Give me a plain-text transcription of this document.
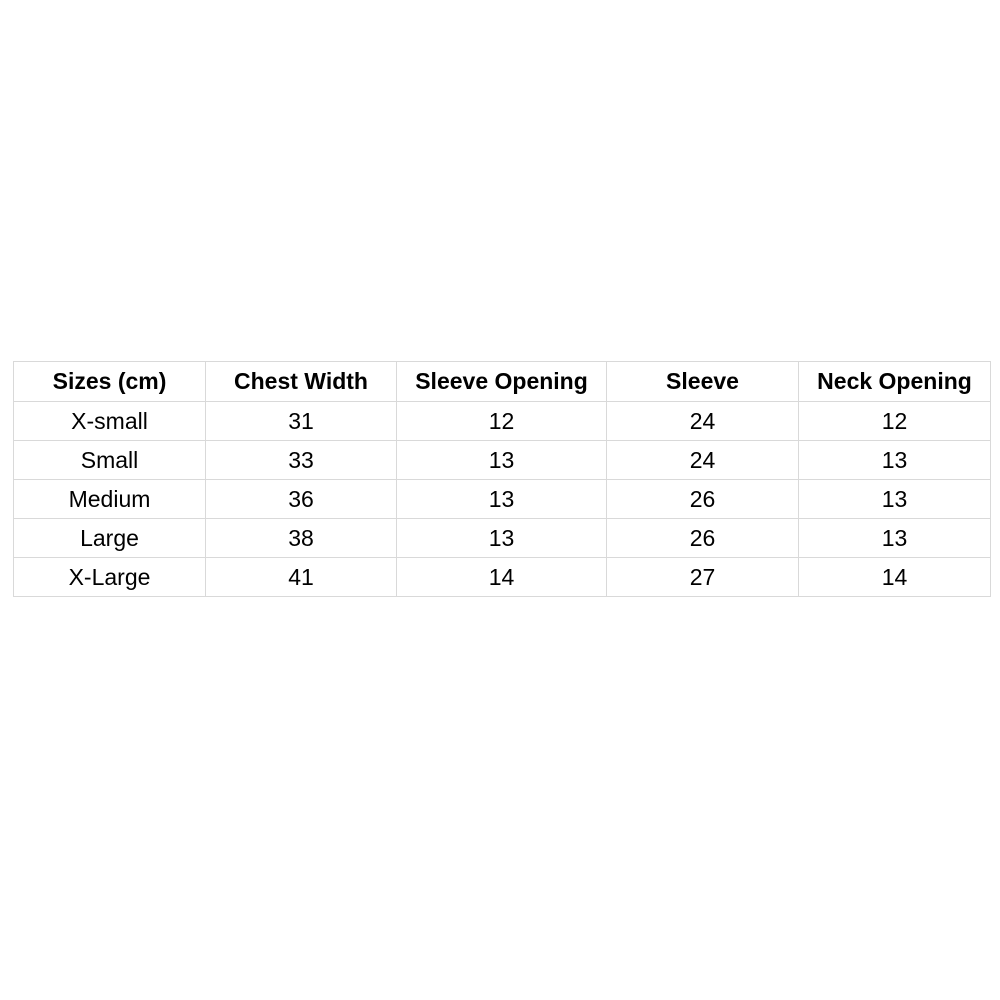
Sizes (cm)	Chest Width	Sleeve Opening	Sleeve	Neck Opening
X-small	31	12	24	12
Small	33	13	24	13
Medium	36	13	26	13
Large	38	13	26	13
X-Large	41	14	27	14
